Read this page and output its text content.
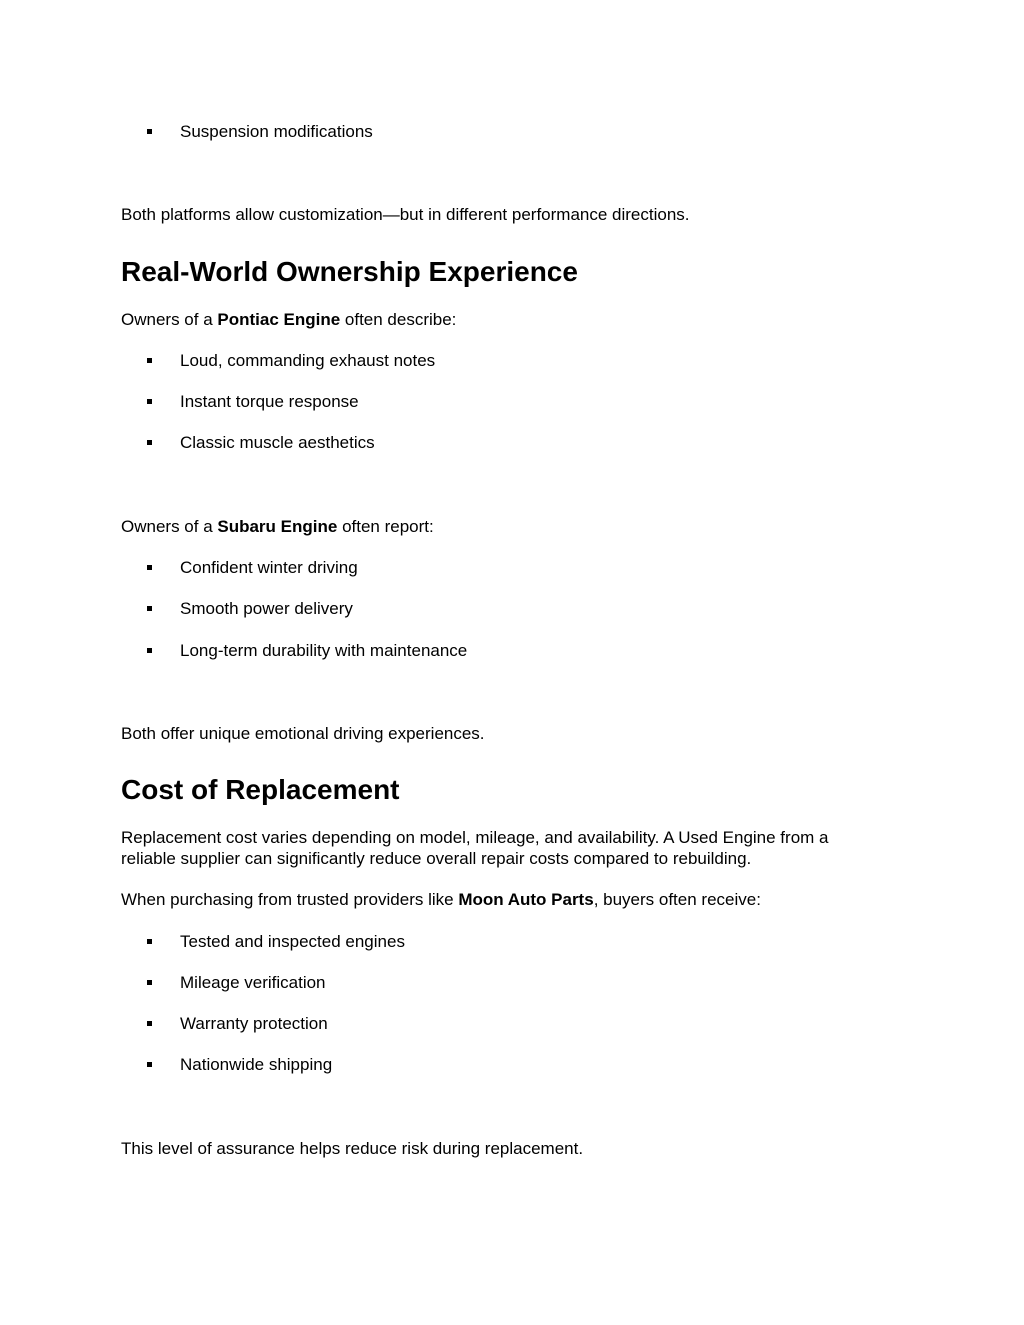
Suspension modifications
Both platforms allow customization—but in different performance directions.
Real-World Ownership Experience
Owners of a Pontiac Engine often describe:
Loud, commanding exhaust notes
Instant torque response
Classic muscle aesthetics
Owners of a Subaru Engine often report:
Confident winter driving
Smooth power delivery
Long-term durability with maintenance
Both offer unique emotional driving experiences.
Cost of Replacement
Replacement cost varies depending on model, mileage, and availability. A Used Engine from a
reliable supplier can significantly reduce overall repair costs compared to rebuilding.
When purchasing from trusted providers like Moon Auto Parts, buyers often receive:
Tested and inspected engines
Mileage verification
Warranty protection
Nationwide shipping
This level of assurance helps reduce risk during replacement.
